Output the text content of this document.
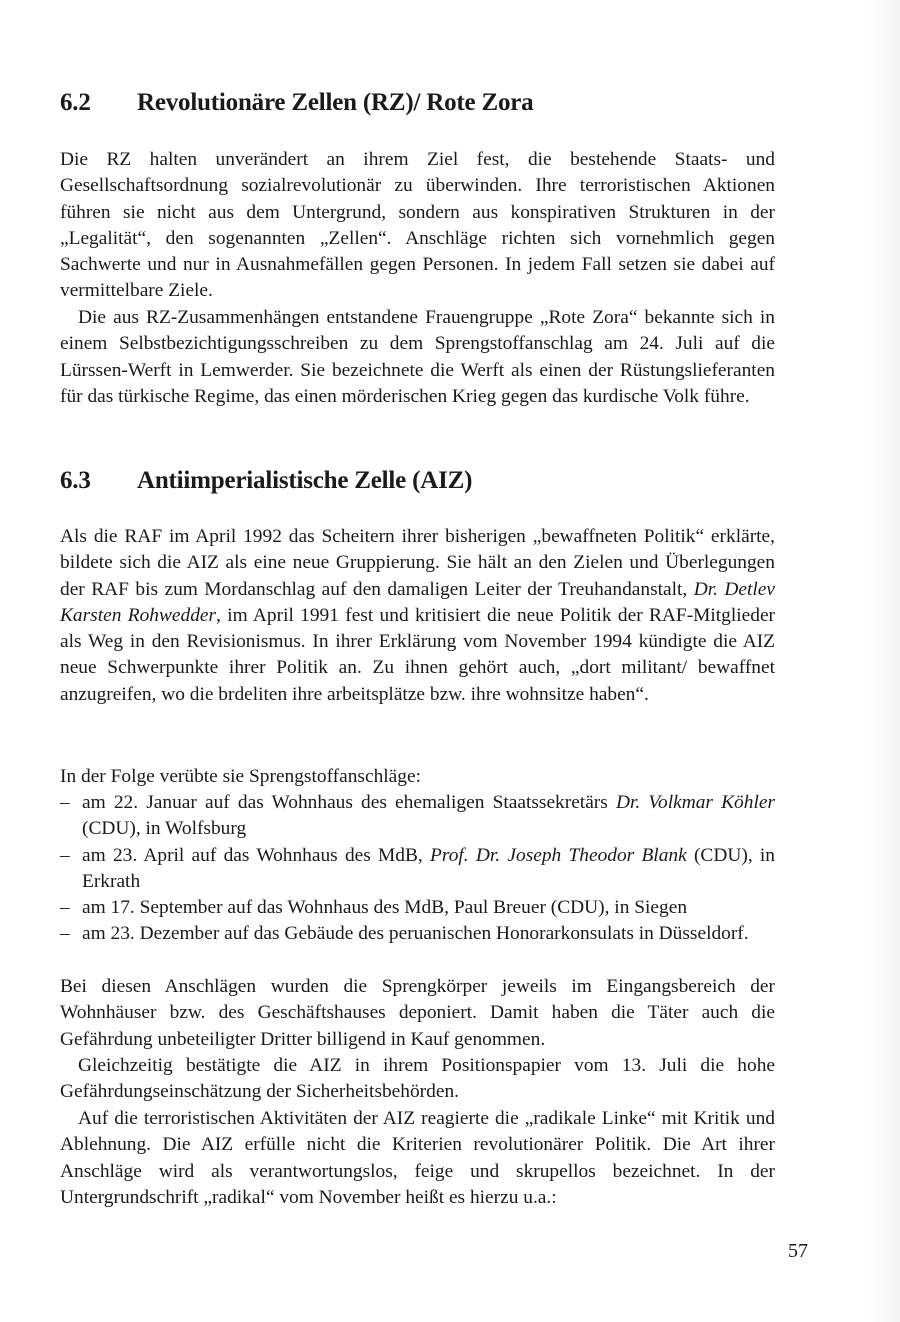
6.2	Revolutionäre Zellen (RZ)/ Rote Zora

Die RZ halten unverändert an ihrem Ziel fest, die bestehende Staats- und Gesellschaftsordnung sozialrevolutionär zu überwinden. Ihre terroristischen Aktionen führen sie nicht aus dem Untergrund, sondern aus konspirativen Strukturen in der „Legalität“, den sogenannten „Zellen“. Anschläge richten sich vornehmlich gegen Sachwerte und nur in Ausnahmefällen gegen Personen. In jedem Fall setzen sie dabei auf vermittelbare Ziele.

Die aus RZ-Zusammenhängen entstandene Frauengruppe „Rote Zora“ bekannte sich in einem Selbstbezichtigungsschreiben zu dem Sprengstoffanschlag am 24. Juli auf die Lürssen-Werft in Lemwerder. Sie bezeichnete die Werft als einen der Rüstungslieferanten für das türkische Regime, das einen mörderischen Krieg gegen das kurdische Volk führe.

6.3	Antiimperialistische Zelle (AIZ)

Als die RAF im April 1992 das Scheitern ihrer bisherigen „bewaffneten Politik“ erklärte, bildete sich die AIZ als eine neue Gruppierung. Sie hält an den Zielen und Überlegungen der RAF bis zum Mordanschlag auf den damaligen Leiter der Treuhandanstalt, Dr. Detlev Karsten Rohwedder, im April 1991 fest und kritisiert die neue Politik der RAF-Mitglieder als Weg in den Revisionismus. In ihrer Erklärung vom November 1994 kündigte die AIZ neue Schwerpunkte ihrer Politik an. Zu ihnen gehört auch, „dort militant/ bewaffnet anzugreifen, wo die brdeliten ihre arbeitsplätze bzw. ihre wohnsitze haben“.

In der Folge verübte sie Sprengstoffanschläge:

– am 22. Januar auf das Wohnhaus des ehemaligen Staatssekretärs Dr. Volkmar Köhler (CDU), in Wolfsburg
– am 23. April auf das Wohnhaus des MdB, Prof. Dr. Joseph Theodor Blank (CDU), in Erkrath
– am 17. September auf das Wohnhaus des MdB, Paul Breuer (CDU), in Siegen
– am 23. Dezember auf das Gebäude des peruanischen Honorarkonsulats in Düsseldorf.

Bei diesen Anschlägen wurden die Sprengkörper jeweils im Eingangsbereich der Wohnhäuser bzw. des Geschäftshauses deponiert. Damit haben die Täter auch die Gefährdung unbeteiligter Dritter billigend in Kauf genommen.

Gleichzeitig bestätigte die AIZ in ihrem Positionspapier vom 13. Juli die hohe Gefährdungseinschätzung der Sicherheitsbehörden.

Auf die terroristischen Aktivitäten der AIZ reagierte die „radikale Linke“ mit Kritik und Ablehnung. Die AIZ erfülle nicht die Kriterien revolutionärer Politik. Die Art ihrer Anschläge wird als verantwortungslos, feige und skrupellos bezeichnet. In der Untergrundschrift „radikal“ vom November heißt es hierzu u.a.:

57
